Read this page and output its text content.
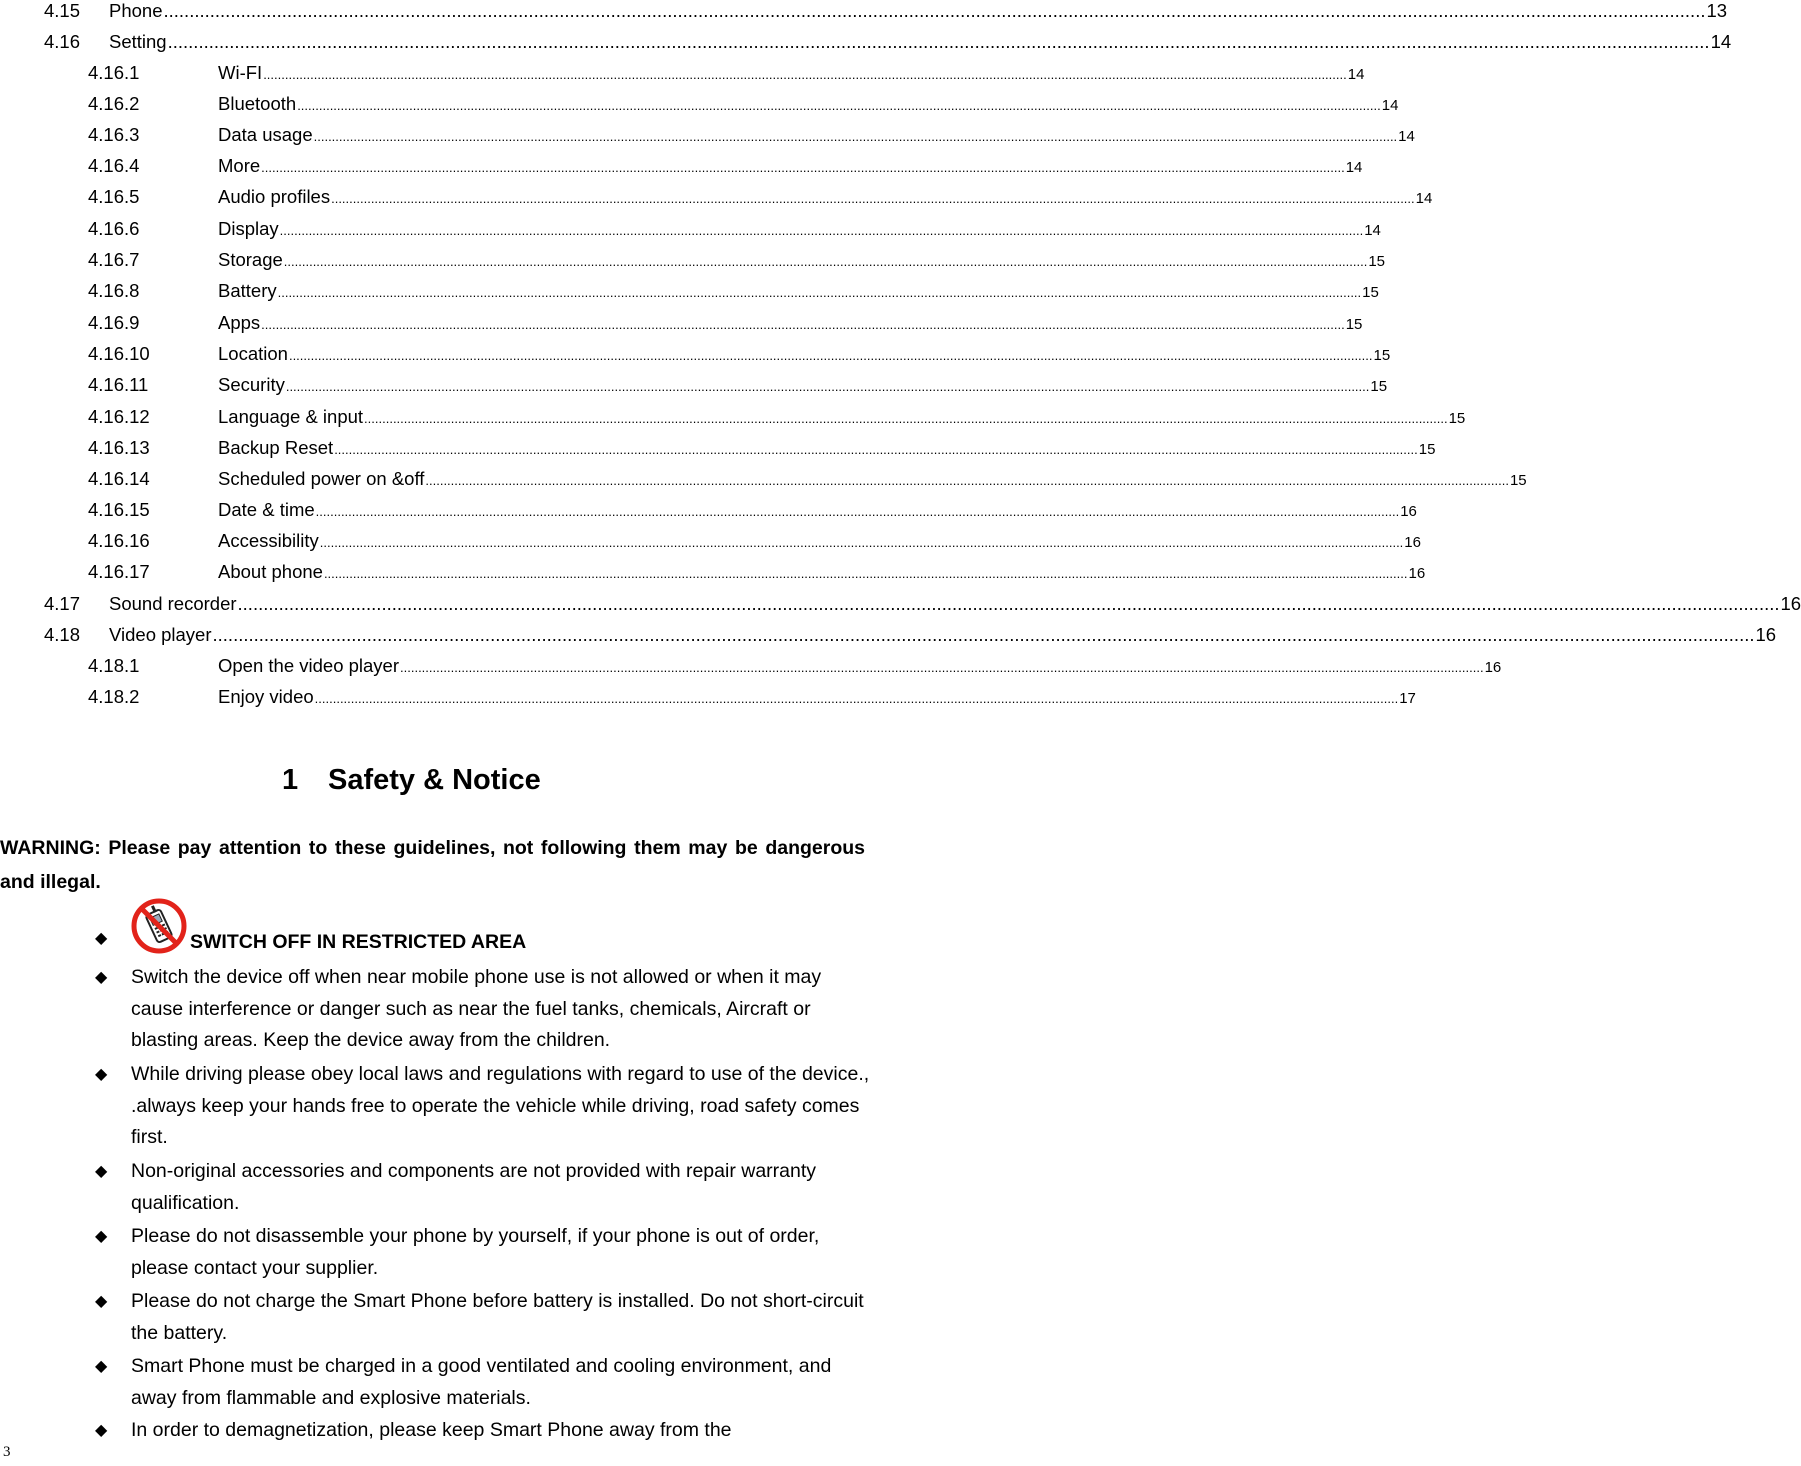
4.15	Phone ............................................................................................................................................................................................................................................................................................................ 13
4.16	Setting ............................................................................................................................................................................................................................................................................................................ 14
4.16.1	Wi-FI ............................................................................................................................................................................................................................................................................................................ 14
4.16.2	Bluetooth ............................................................................................................................................................................................................................................................................................................ 14
4.16.3	Data usage ............................................................................................................................................................................................................................................................................................................ 14
4.16.4	More ............................................................................................................................................................................................................................................................................................................ 14
4.16.5	Audio profiles ............................................................................................................................................................................................................................................................................................................ 14
4.16.6	Display ............................................................................................................................................................................................................................................................................................................ 14
4.16.7	Storage ............................................................................................................................................................................................................................................................................................................ 15
4.16.8	Battery ............................................................................................................................................................................................................................................................................................................ 15
4.16.9	Apps ............................................................................................................................................................................................................................................................................................................ 15
4.16.10	Location ............................................................................................................................................................................................................................................................................................................ 15
4.16.11	Security ............................................................................................................................................................................................................................................................................................................ 15
4.16.12	Language & input ............................................................................................................................................................................................................................................................................................................ 15
4.16.13	Backup Reset ............................................................................................................................................................................................................................................................................................................ 15
4.16.14	Scheduled power on &off ............................................................................................................................................................................................................................................................................................................ 15
4.16.15	Date & time ............................................................................................................................................................................................................................................................................................................ 16
4.16.16	Accessibility ............................................................................................................................................................................................................................................................................................................ 16
4.16.17	About phone ............................................................................................................................................................................................................................................................................................................ 16
4.17	Sound recorder ............................................................................................................................................................................................................................................................................................................ 16
4.18	Video player ............................................................................................................................................................................................................................................................................................................ 16
4.18.1	Open the video player ............................................................................................................................................................................................................................................................................................................ 16
4.18.2	Enjoy video ............................................................................................................................................................................................................................................................................................................ 17
1 Safety & Notice
WARNING: Please pay attention to these guidelines, not following them may be dangerous and illegal.
◆	SWITCH OFF IN RESTRICTED AREA
◆	Switch the device off when near mobile phone use is not allowed or when it may cause interference or danger such as near the fuel tanks, chemicals, Aircraft or blasting areas. Keep the device away from the children.
◆	While driving please obey local laws and regulations with regard to use of the device., .always keep your hands free to operate the vehicle while driving, road safety comes first.
◆	Non-original accessories and components are not provided with repair warranty qualification.
◆	Please do not disassemble your phone by yourself, if your phone is out of order, please contact your supplier.
◆	Please do not charge the Smart Phone before battery is installed. Do not short-circuit the battery.
◆	Smart Phone must be charged in a good ventilated and cooling environment, and away from flammable and explosive materials.
◆	In order to demagnetization, please keep Smart Phone away from the
3
